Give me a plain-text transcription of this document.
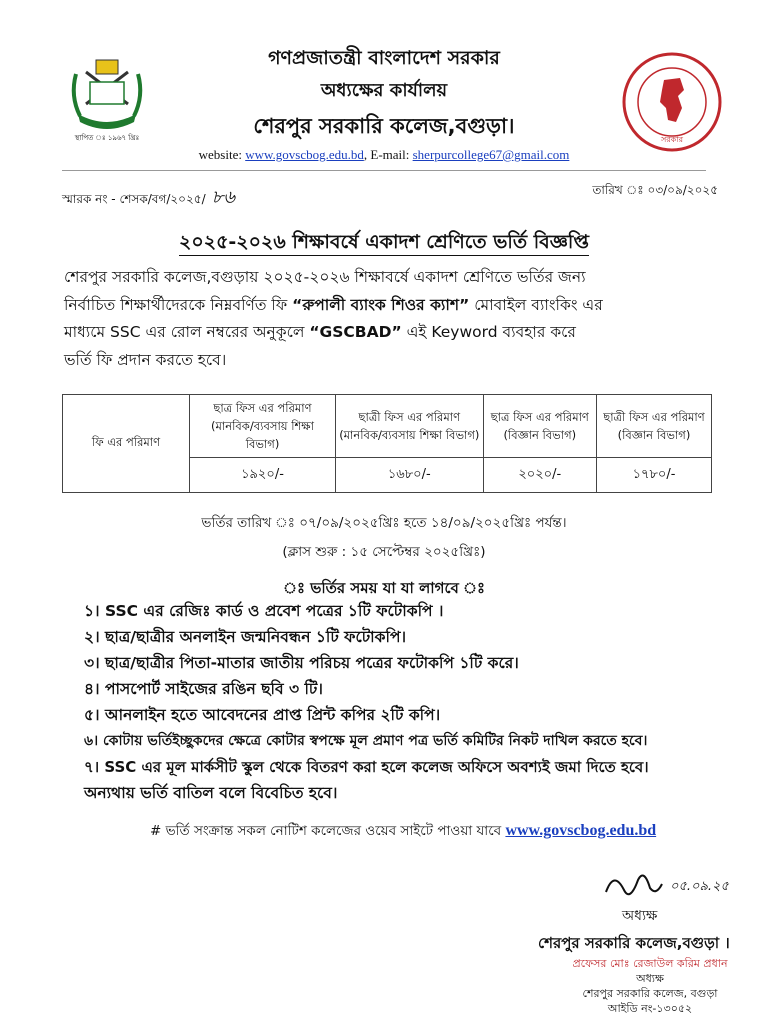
স্থাপিত ঃ ১৯৬৭ খ্রিঃ	সরকার
গণপ্রজাতন্ত্রী বাংলাদেশ সরকার
অধ্যক্ষের কার্যালয়
শেরপুর সরকারি কলেজ,বগুড়া।
website: www.govscbog.edu.bd, E-mail: sherpurcollege67@gmail.com
স্মারক নং - শেসক/বগ/২০২৫/ ৮৬	তারিখ ঃ ০৩/০৯/২০২৫
২০২৫-২০২৬ শিক্ষাবর্ষে একাদশ শ্রেণিতে ভর্তি বিজ্ঞপ্তি
শেরপুর সরকারি কলেজ,বগুড়ায় ২০২৫-২০২৬ শিক্ষাবর্ষে একাদশ শ্রেণিতে ভর্তির জন্য
নির্বাচিত শিক্ষার্থীদেরকে নিম্নবর্ণিত ফি “রুপালী ব্যাংক শিওর ক্যাশ” মোবাইল ব্যাংকিং এর
মাধ্যমে SSC এর রোল নম্বরের অনুকূলে “GSCBAD” এই Keyword ব্যবহার করে
ভর্তি ফি প্রদান করতে হবে।
ফি এর পরিমাণ	ছাত্র ফিস এর পরিমাণ (মানবিক/ব্যবসায় শিক্ষা বিভাগ)	ছাত্রী ফিস এর পরিমাণ (মানবিক/ব্যবসায় শিক্ষা বিভাগ)	ছাত্র ফিস এর পরিমাণ (বিজ্ঞান বিভাগ)	ছাত্রী ফিস এর পরিমাণ (বিজ্ঞান বিভাগ)
	১৯২০/-	১৬৮০/-	২০২০/-	১৭৮০/-
ভর্তির তারিখ ঃ ০৭/০৯/২০২৫খ্রিঃ হতে ১৪/০৯/২০২৫খ্রিঃ পর্যন্ত।
(ক্লাস শুরু : ১৫ সেপ্টেম্বর ২০২৫খ্রিঃ)
ঃ ভর্তির সময় যা যা লাগবে ঃ
১। SSC এর রেজিঃ কার্ড ও প্রবেশ পত্রের ১টি ফটোকপি ।
২। ছাত্র/ছাত্রীর অনলাইন জন্মনিবন্ধন ১টি ফটোকপি।
৩। ছাত্র/ছাত্রীর পিতা-মাতার জাতীয় পরিচয় পত্রের ফটোকপি ১টি করে।
৪। পাসপোর্ট সাইজের রঙিন ছবি ৩ টি।
৫। আনলাইন হতে আবেদনের প্রাপ্ত প্রিন্ট কপির ২টি কপি।
৬। কোটায় ভর্তিইচ্ছুকদের ক্ষেত্রে কোটার স্বপক্ষে মূল প্রমাণ পত্র ভর্তি কমিটির নিকট দাখিল করতে হবে।
৭। SSC এর মূল মার্কসীট স্কুল থেকে বিতরণ করা হলে কলেজ অফিসে অবশ্যই জমা দিতে হবে।
অন্যথায় ভর্তি বাতিল বলে বিবেচিত হবে।
# ভর্তি সংক্রান্ত সকল নোটিশ কলেজের ওয়েব সাইটে পাওয়া যাবে www.govscbog.edu.bd
০৫.০৯.২৫
অধ্যক্ষ
শেরপুর সরকারি কলেজ,বগুড়া ।
প্রফেসর মোঃ রেজাউল করিম প্রধান
অধ্যক্ষ
শেরপুর সরকারি কলেজ, বগুড়া
আইডি নং-১৩০৫২
